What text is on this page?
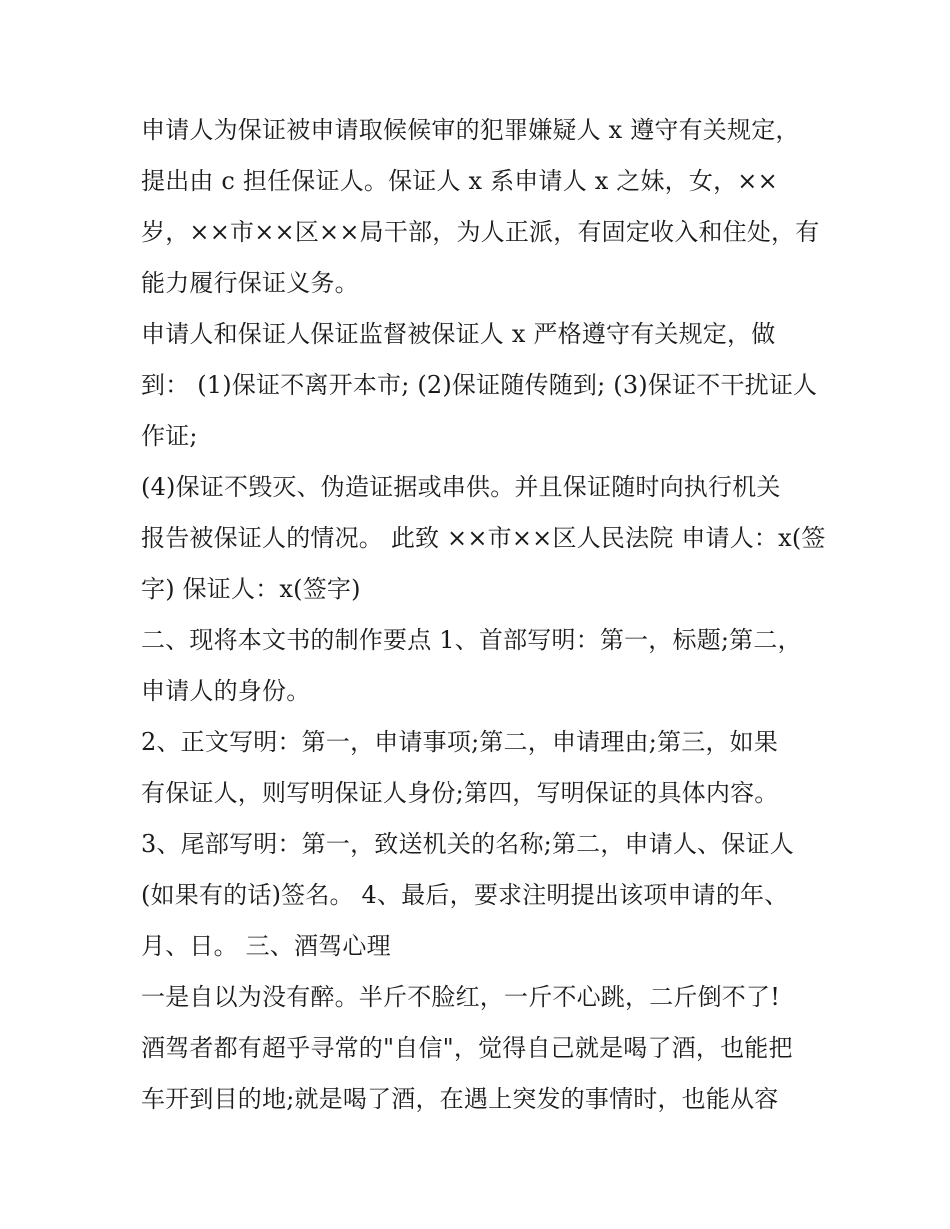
申请人为保证被申请取候候审的犯罪嫌疑人 x 遵守有关规定，
提出由 c 担任保证人。保证人 x 系申请人 x 之妹，女，××
岁，××市××区××局干部，为人正派，有固定收入和住处，有
能力履行保证义务。
申请人和保证人保证监督被保证人 x 严格遵守有关规定，做
到： (1)保证不离开本市; (2)保证随传随到; (3)保证不干扰证人
作证;
(4)保证不毁灭、伪造证据或串供。并且保证随时向执行机关
报告被保证人的情况。 此致 ××市××区人民法院 申请人：x(签
字) 保证人：x(签字)
二、现将本文书的制作要点 1、首部写明：第一，标题;第二，
申请人的身份。
2、正文写明：第一，申请事项;第二，申请理由;第三，如果
有保证人，则写明保证人身份;第四，写明保证的具体内容。
3、尾部写明：第一，致送机关的名称;第二，申请人、保证人
(如果有的话)签名。 4、最后，要求注明提出该项申请的年、
月、日。 三、酒驾心理
一是自以为没有醉。半斤不脸红，一斤不心跳，二斤倒不了!
酒驾者都有超乎寻常的"自信"，觉得自己就是喝了酒，也能把
车开到目的地;就是喝了酒，在遇上突发的事情时，也能从容
